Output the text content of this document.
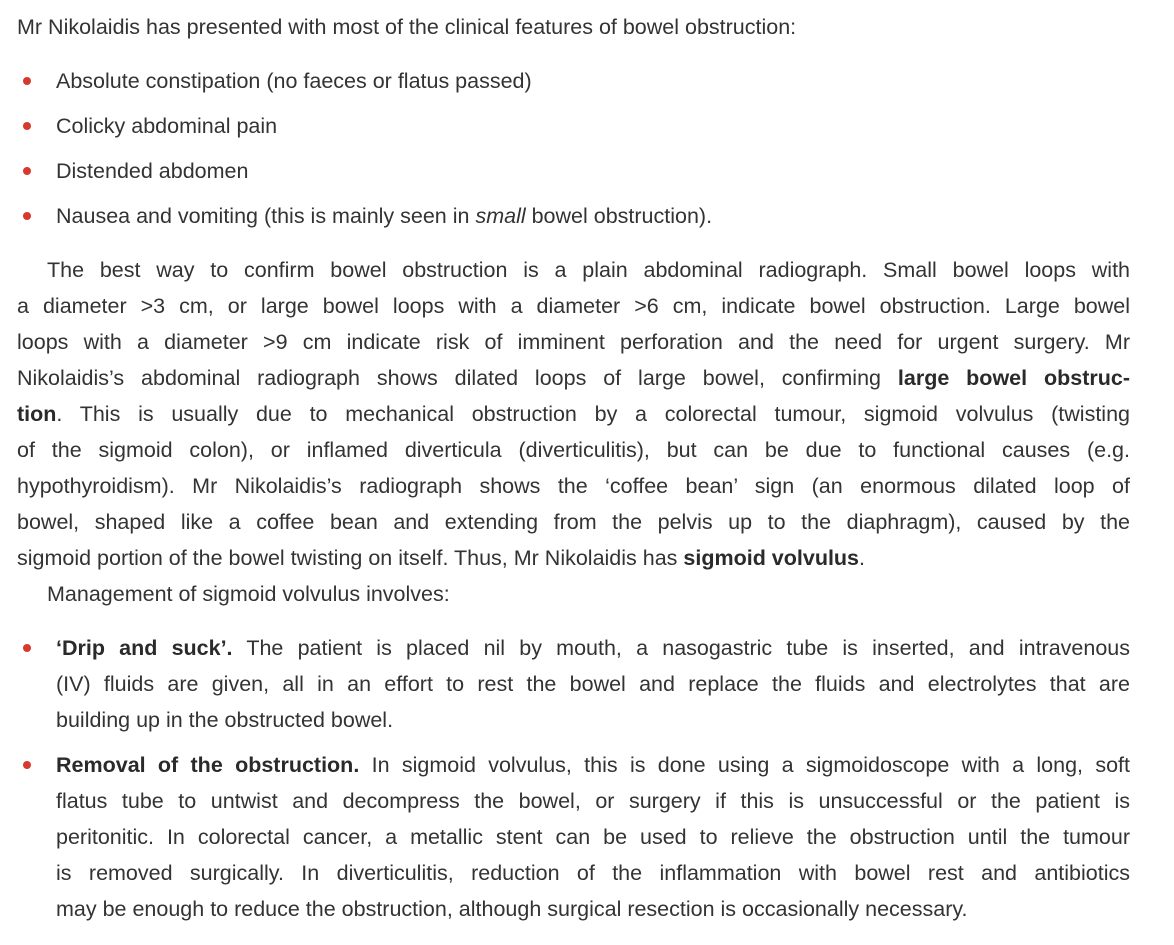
Mr Nikolaidis has presented with most of the clinical features of bowel obstruction:
Absolute constipation (no faeces or flatus passed)
Colicky abdominal pain
Distended abdomen
Nausea and vomiting (this is mainly seen in small bowel obstruction).
The best way to confirm bowel obstruction is a plain abdominal radiograph. Small bowel loops with
a diameter >3 cm, or large bowel loops with a diameter >6 cm, indicate bowel obstruction. Large bowel
loops with a diameter >9 cm indicate risk of imminent perforation and the need for urgent surgery. Mr
Nikolaidis’s abdominal radiograph shows dilated loops of large bowel, confirming large bowel obstruc-
tion. This is usually due to mechanical obstruction by a colorectal tumour, sigmoid volvulus (twisting
of the sigmoid colon), or inflamed diverticula (diverticulitis), but can be due to functional causes (e.g.
hypothyroidism). Mr Nikolaidis’s radiograph shows the ‘coffee bean’ sign (an enormous dilated loop of
bowel, shaped like a coffee bean and extending from the pelvis up to the diaphragm), caused by the
sigmoid portion of the bowel twisting on itself. Thus, Mr Nikolaidis has sigmoid volvulus.
Management of sigmoid volvulus involves:
‘Drip and suck’. The patient is placed nil by mouth, a nasogastric tube is inserted, and intravenous
(IV) fluids are given, all in an effort to rest the bowel and replace the fluids and electrolytes that are
building up in the obstructed bowel.
Removal of the obstruction. In sigmoid volvulus, this is done using a sigmoidoscope with a long, soft
flatus tube to untwist and decompress the bowel, or surgery if this is unsuccessful or the patient is
peritonitic. In colorectal cancer, a metallic stent can be used to relieve the obstruction until the tumour
is removed surgically. In diverticulitis, reduction of the inflammation with bowel rest and antibiotics
may be enough to reduce the obstruction, although surgical resection is occasionally necessary.
